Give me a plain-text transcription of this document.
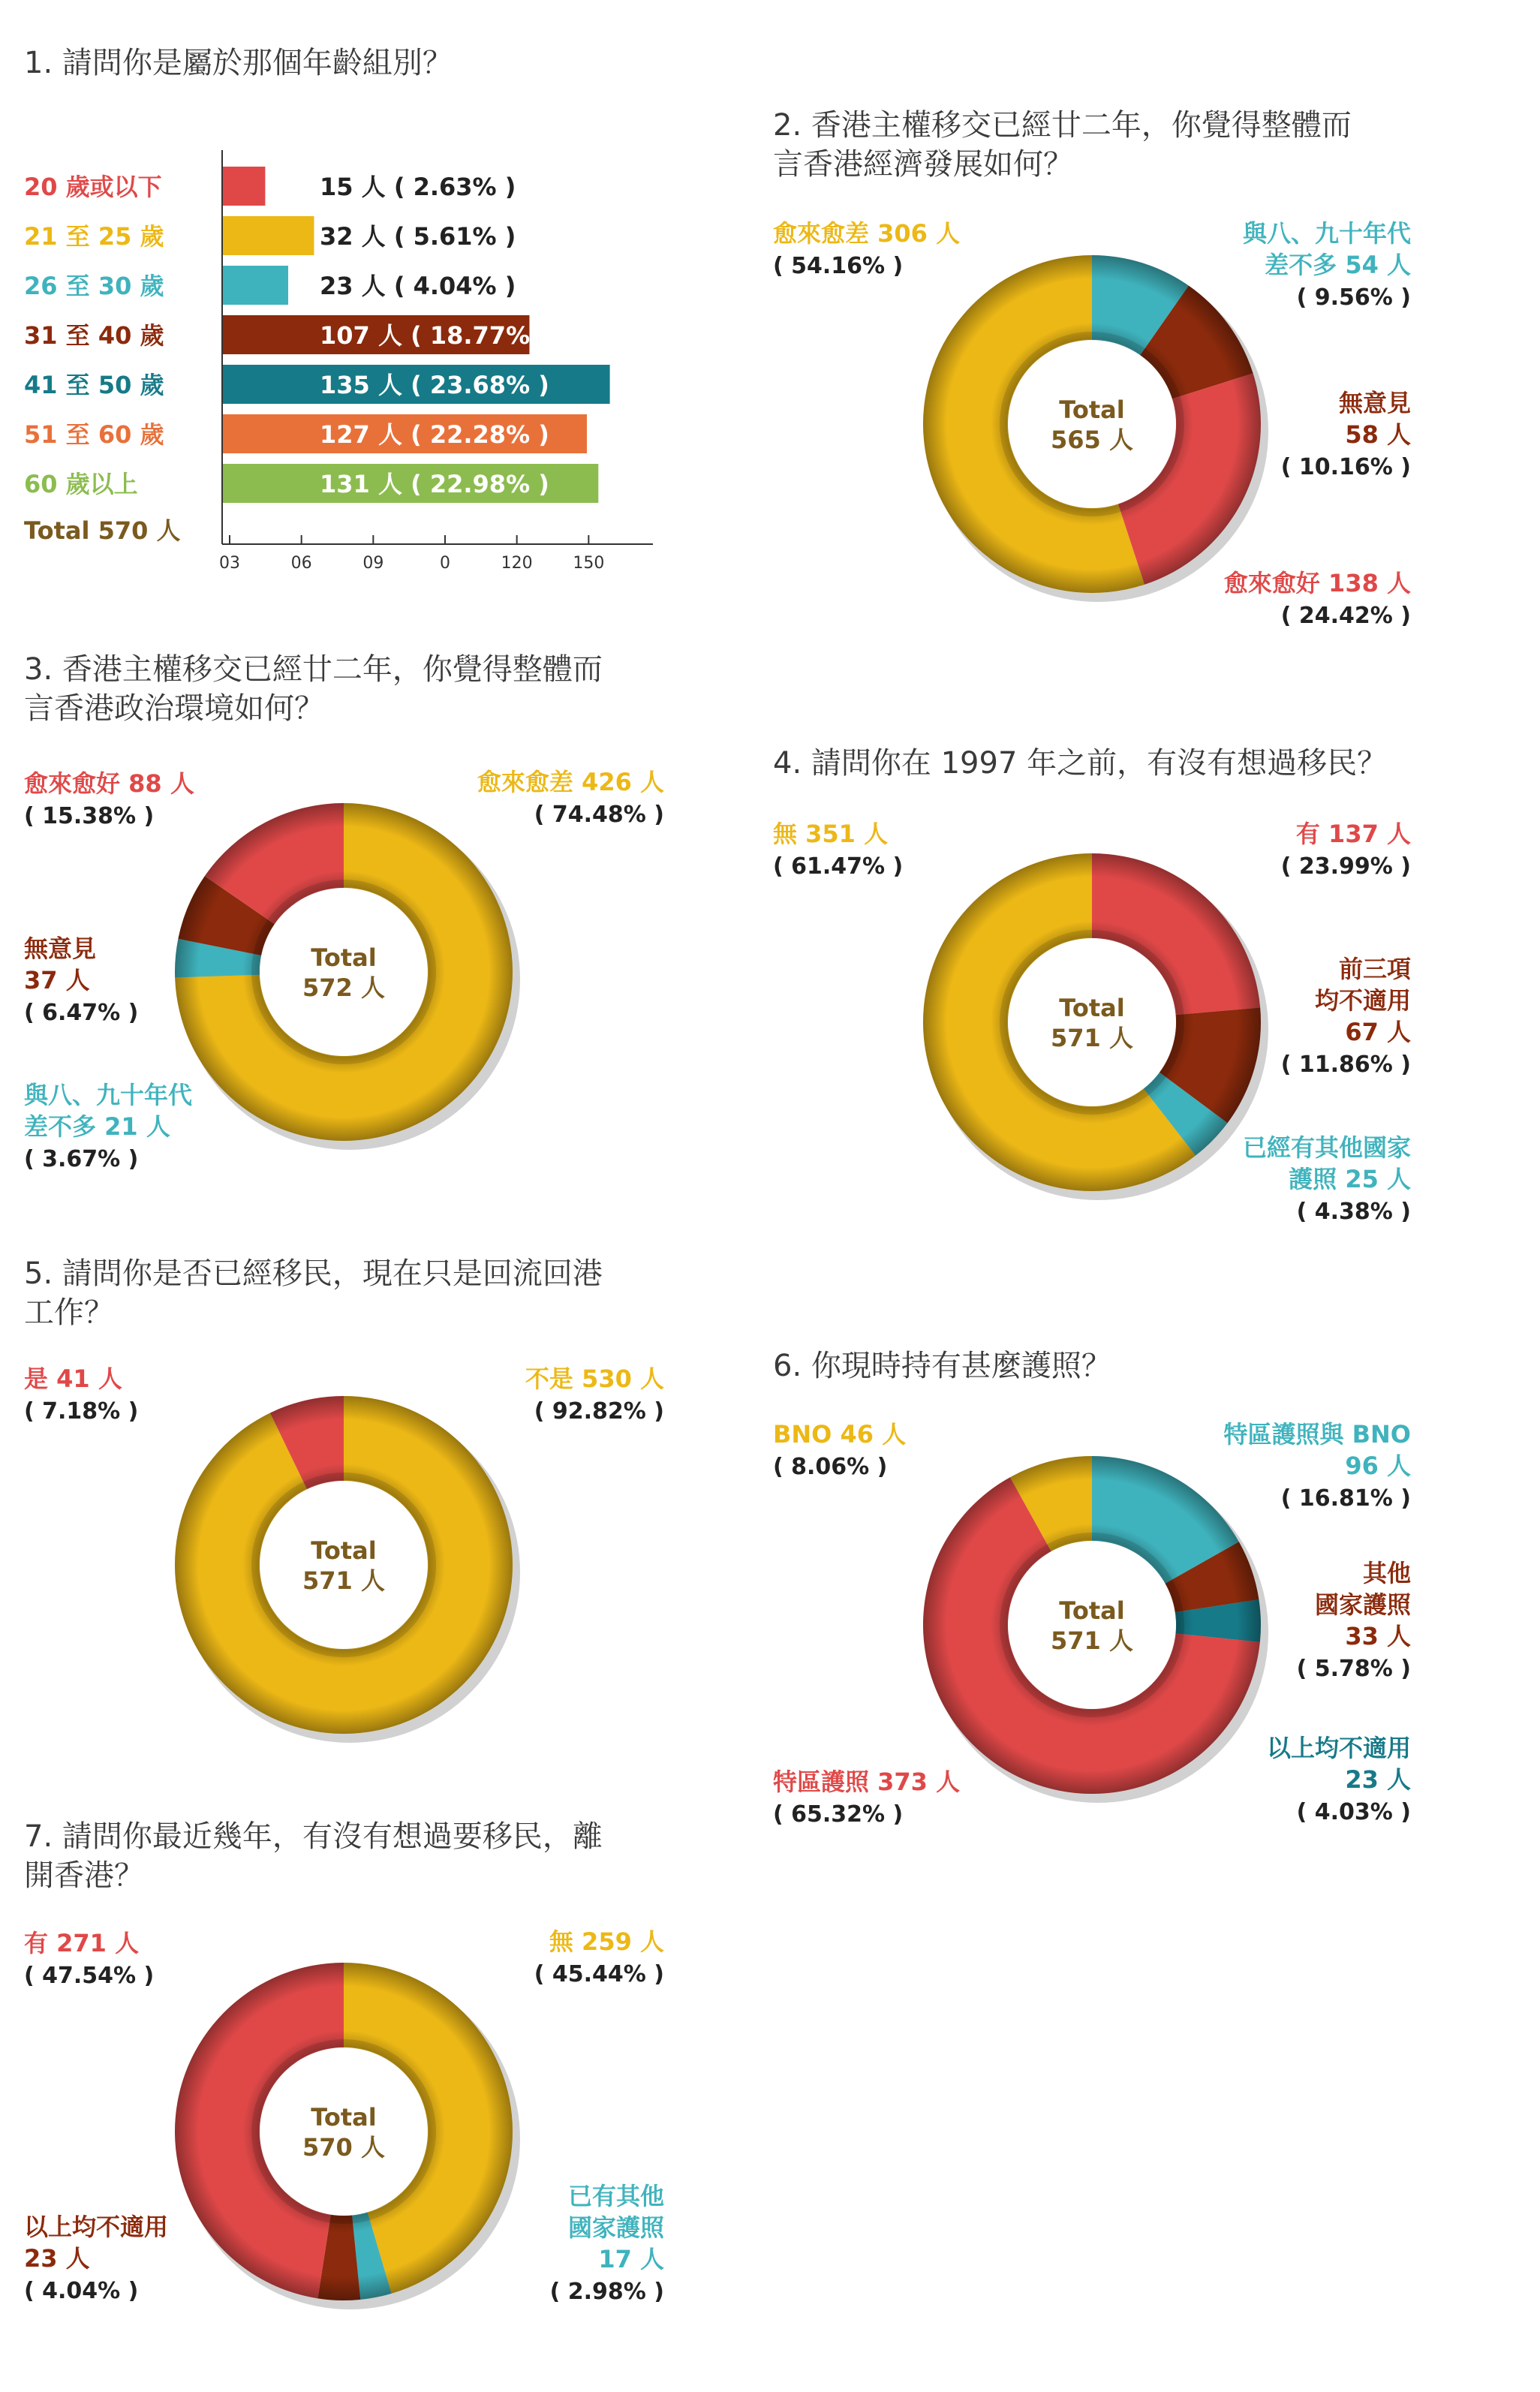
1. 請問你是屬於那個年齡組別？
20 歲或以下	15 人 ( 2.63% )
21 至 25 歲	32 人 ( 5.61% )
26 至 30 歲	23 人 ( 4.04% )
31 至 40 歲	107 人 ( 18.77% )
41 至 50 歲	135 人 ( 23.68% )
51 至 60 歲	127 人 ( 22.28% )
60 歲以上	131 人 ( 22.98% )
03	06	09	0	120 150
Total 570 人
2. 香港主權移交已經廿二年，你覺得整體而
言香港經濟發展如何？
Total
565 人
與八、九十年代
差不多 54 人
( 9.56% )
無意見
58 人
( 10.16% )
愈來愈好 138 人
( 24.42% )
愈來愈差 306 人
( 54.16% )
3. 香港主權移交已經廿二年，你覺得整體而
言香港政治環境如何？
Total
572 人
愈來愈差 426 人
( 74.48% )
與八、九十年代
差不多 21 人
( 3.67% )
無意見
37 人
( 6.47% )
愈來愈好 88 人
( 15.38% )
4. 請問你在 1997 年之前，有沒有想過移民？
Total
571 人
有 137 人
( 23.99% )
前三項
均不適用
67 人
( 11.86% )
已經有其他國家
護照 25 人
( 4.38% )
無 351 人
( 61.47% )
5. 請問你是否已經移民，現在只是回流回港
工作？
Total
571 人
不是 530 人
( 92.82% )
是 41 人
( 7.18% )
6. 你現時持有甚麼護照？
Total
571 人
特區護照與 BNO
96 人
( 16.81% )
其他
國家護照
33 人
( 5.78% )
以上均不適用
23 人
( 4.03% )
特區護照 373 人
( 65.32% )
BNO 46 人
( 8.06% )
7. 請問你最近幾年，有沒有想過要移民，離
開香港？
Total
570 人
無 259 人
( 45.44% )
已有其他
國家護照
17 人
( 2.98% )
以上均不適用
23 人
( 4.04% )
有 271 人
( 47.54% )
